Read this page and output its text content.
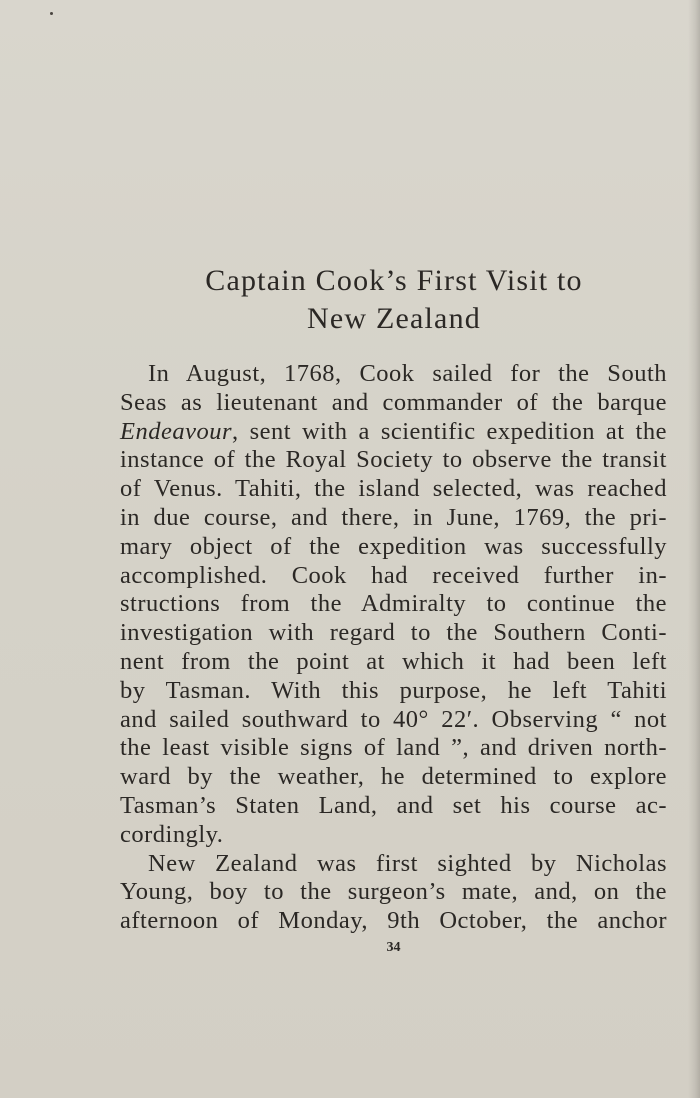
Captain Cook’s First Visit to
New Zealand
In August, 1768, Cook sailed for the South
Seas as lieutenant and commander of the barque
Endeavour, sent with a scientific expedition at the
instance of the Royal Society to observe the transit
of Venus. Tahiti, the island selected, was reached
in due course, and there, in June, 1769, the pri-
mary object of the expedition was successfully
accomplished. Cook had received further in-
structions from the Admiralty to continue the
investigation with regard to the Southern Conti-
nent from the point at which it had been left
by Tasman. With this purpose, he left Tahiti
and sailed southward to 40° 22′. Observing “ not
the least visible signs of land ”, and driven north-
ward by the weather, he determined to explore
Tasman’s Staten Land, and set his course ac-
cordingly.
New Zealand was first sighted by Nicholas
Young, boy to the surgeon’s mate, and, on the
afternoon of Monday, 9th October, the anchor
34
